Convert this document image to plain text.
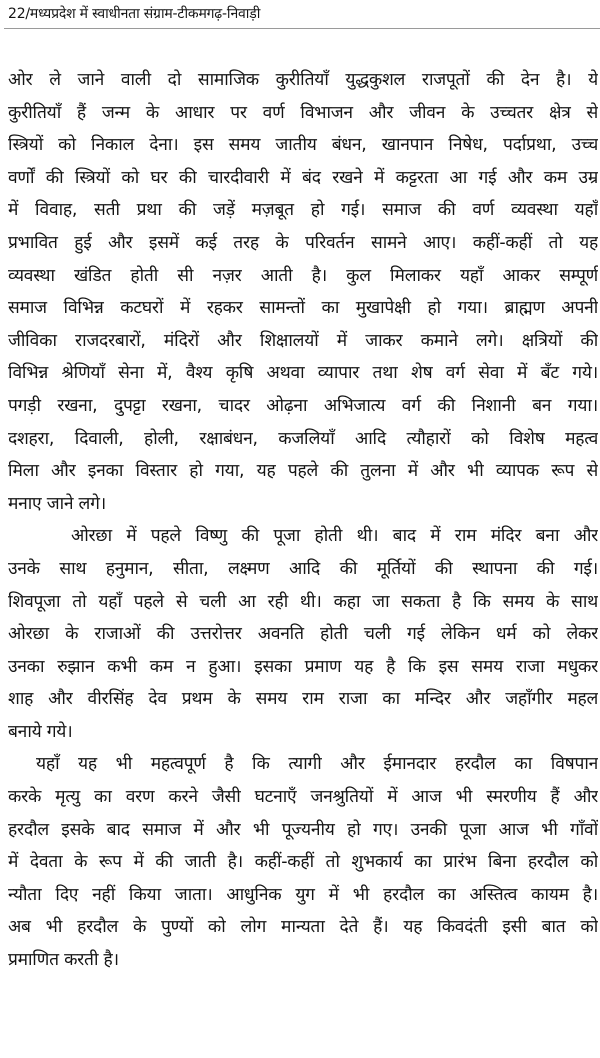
22/मध्यप्रदेश में स्वाधीनता संग्राम-टीकमगढ़-निवाड़ी
ओर ले जाने वाली दो सामाजिक कुरीतियाँ युद्धकुशल राजपूतों की देन है। ये
कुरीतियाँ हैं जन्म के आधार पर वर्ण विभाजन और जीवन के उच्चतर क्षेत्र से
स्त्रियों को निकाल देना। इस समय जातीय बंधन, खानपान निषेध, पर्दाप्रथा, उच्च
वर्णों की स्त्रियों को घर की चारदीवारी में बंद रखने में कट्टरता आ गई और कम उम्र
में विवाह, सती प्रथा की जड़ें मज़बूत हो गई। समाज की वर्ण व्यवस्था यहाँ
प्रभावित हुई और इसमें कई तरह के परिवर्तन सामने आए। कहीं-कहीं तो यह
व्यवस्था खंडित होती सी नज़र आती है। कुल मिलाकर यहाँ आकर सम्पूर्ण
समाज विभिन्न कटघरों में रहकर सामन्तों का मुखापेक्षी हो गया। ब्राह्मण अपनी
जीविका राजदरबारों, मंदिरों और शिक्षालयों में जाकर कमाने लगे। क्षत्रियों की
विभिन्न श्रेणियाँ सेना में, वैश्य कृषि अथवा व्यापार तथा शेष वर्ग सेवा में बँट गये।
पगड़ी रखना, दुपट्टा रखना, चादर ओढ़ना अभिजात्य वर्ग की निशानी बन गया।
दशहरा, दिवाली, होली, रक्षाबंधन, कजलियाँ आदि त्यौहारों को विशेष महत्व
मिला और इनका विस्तार हो गया, यह पहले की तुलना में और भी व्यापक रूप से
मनाए जाने लगे।
ओरछा में पहले विष्णु की पूजा होती थी। बाद में राम मंदिर बना और
उनके साथ हनुमान, सीता, लक्ष्मण आदि की मूर्तियों की स्थापना की गई।
शिवपूजा तो यहाँ पहले से चली आ रही थी। कहा जा सकता है कि समय के साथ
ओरछा के राजाओं की उत्तरोत्तर अवनति होती चली गई लेकिन धर्म को लेकर
उनका रुझान कभी कम न हुआ। इसका प्रमाण यह है कि इस समय राजा मधुकर
शाह और वीरसिंह देव प्रथम के समय राम राजा का मन्दिर और जहाँगीर महल
बनाये गये।
यहाँ यह भी महत्वपूर्ण है कि त्यागी और ईमानदार हरदौल का विषपान
करके मृत्यु का वरण करने जैसी घटनाएँ जनश्रुतियों में आज भी स्मरणीय हैं और
हरदौल इसके बाद समाज में और भी पूज्यनीय हो गए। उनकी पूजा आज भी गाँवों
में देवता के रूप में की जाती है। कहीं-कहीं तो शुभकार्य का प्रारंभ बिना हरदौल को
न्यौता दिए नहीं किया जाता। आधुनिक युग में भी हरदौल का अस्तित्व कायम है।
अब भी हरदौल के पुण्यों को लोग मान्यता देते हैं। यह किवदंती इसी बात को
प्रमाणित करती है।
